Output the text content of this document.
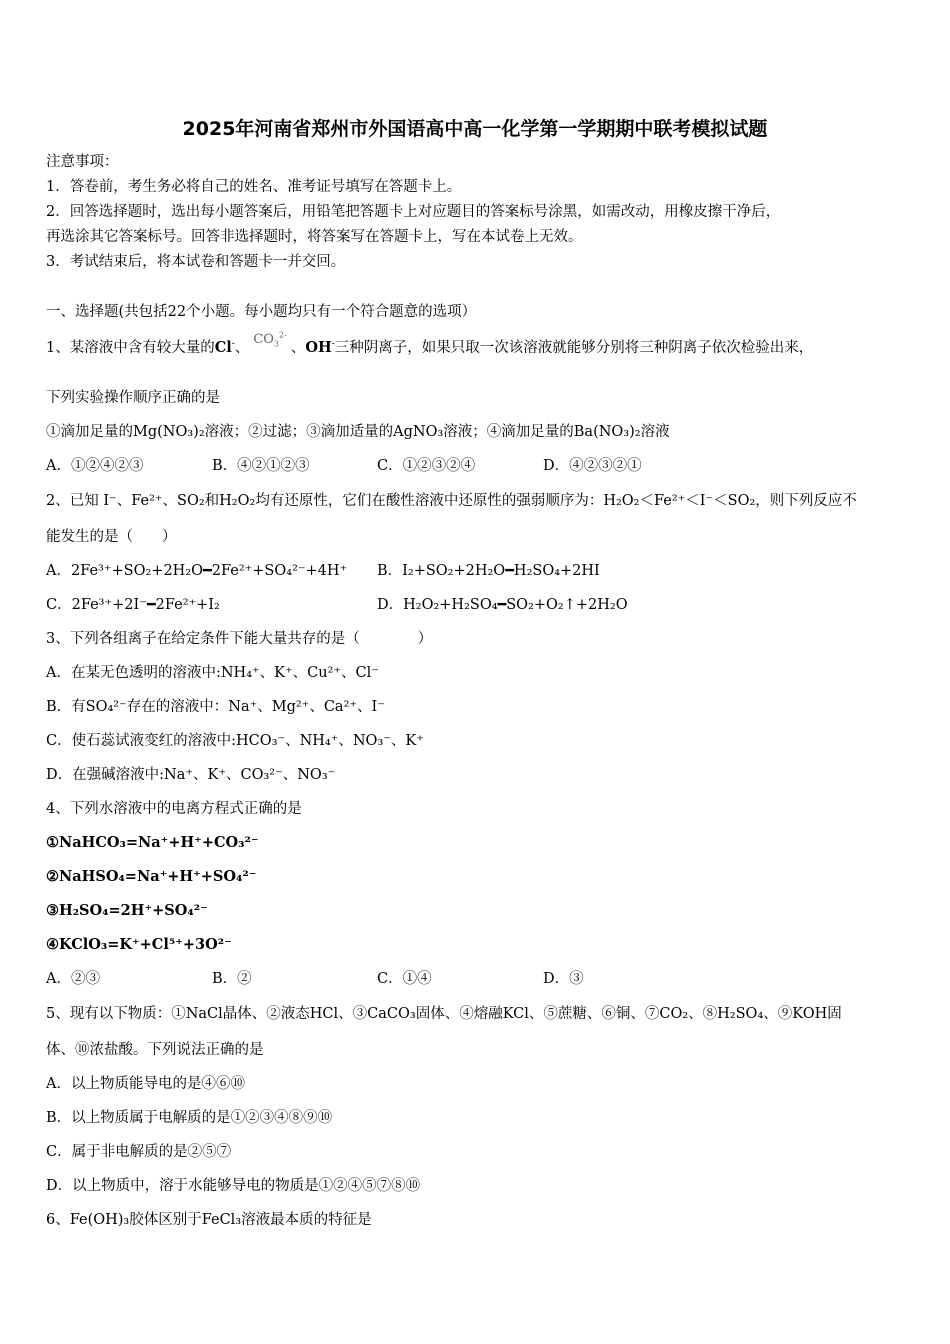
2025年河南省郑州市外国语高中高一化学第一学期期中联考模拟试题
注意事项：
1．答卷前，考生务必将自己的姓名、准考证号填写在答题卡上。
2．回答选择题时，选出每小题答案后，用铅笔把答题卡上对应题目的答案标号涂黑，如需改动，用橡皮擦干净后，
再选涂其它答案标号。回答非选择题时，将答案写在答题卡上，写在本试卷上无效。
3．考试结束后，将本试卷和答题卡一并交回。
一、选择题(共包括22个小题。每小题均只有一个符合题意的选项）
1、某溶液中含有较大量的Cl-、$CO_3^{2-}$、OH-三种阴离子，如果只取一次该溶液就能够分别将三种阴离子依次检验出来，
下列实验操作顺序正确的是
①滴加足量的Mg(NO₃)₂溶液；②过滤；③滴加适量的AgNO₃溶液；④滴加足量的Ba(NO₃)₂溶液
A．①②④②③	B．④②①②③	C．①②③②④	D．④②③②①
2、已知 I⁻、Fe²⁺、SO₂和H₂O₂均有还原性，它们在酸性溶液中还原性的强弱顺序为：H₂O₂＜Fe²⁺＜I⁻＜SO₂，则下列反应不
能发生的是（　　）
A．2Fe³⁺+SO₂+2H₂O━2Fe²⁺+SO₄²⁻+4H⁺ B．I₂+SO₂+2H₂O━H₂SO₄+2HI
C．2Fe³⁺+2I⁻━2Fe²⁺+I₂	D．H₂O₂+H₂SO₄━SO₂+O₂↑+2H₂O
3、下列各组离子在给定条件下能大量共存的是（　　　　）
A．在某无色透明的溶液中:NH₄⁺、K⁺、Cu²⁺、Cl⁻
B．有SO₄²⁻存在的溶液中：Na⁺、Mg²⁺、Ca²⁺、I⁻
C．使石蕊试液变红的溶液中:HCO₃⁻、NH₄⁺、NO₃⁻、K⁺
D．在强碱溶液中:Na⁺、K⁺、CO₃²⁻、NO₃⁻
4、下列水溶液中的电离方程式正确的是
①NaHCO₃=Na⁺+H⁺+CO₃²⁻
②NaHSO₄=Na⁺+H⁺+SO₄²⁻
③H₂SO₄=2H⁺+SO₄²⁻
④KClO₃=K⁺+Cl⁵⁺+3O²⁻
A．②③	B．②	C．①④	D．③
5、现有以下物质：①NaCl晶体、②液态HCl、③CaCO₃固体、④熔融KCl、⑤蔗糖、⑥铜、⑦CO₂、⑧H₂SO₄、⑨KOH固
体、⑩浓盐酸。下列说法正确的是
A．以上物质能导电的是④⑥⑩
B．以上物质属于电解质的是①②③④⑧⑨⑩
C．属于非电解质的是②⑤⑦
D．以上物质中，溶于水能够导电的物质是①②④⑤⑦⑧⑩
6、Fe(OH)₃胶体区别于FeCl₃溶液最本质的特征是
